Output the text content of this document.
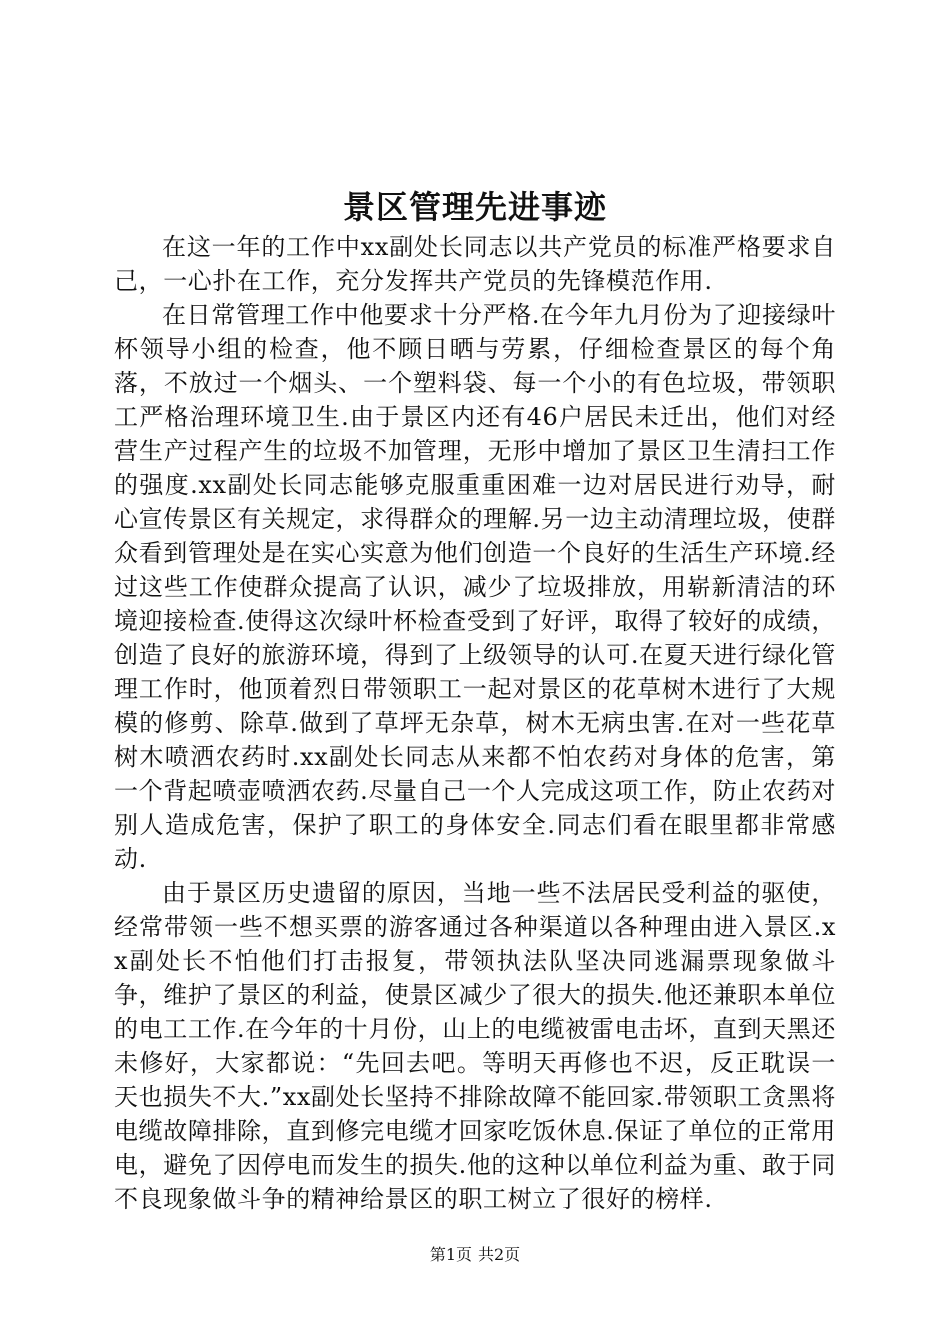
景区管理先进事迹

在这一年的工作中xx副处长同志以共产党员的标准严格要求自己，一心扑在工作，充分发挥共产党员的先锋模范作用.

在日常管理工作中他要求十分严格.在今年九月份为了迎接绿叶杯领导小组的检查，他不顾日晒与劳累，仔细检查景区的每个角落，不放过一个烟头、一个塑料袋、每一个小的有色垃圾，带领职工严格治理环境卫生.由于景区内还有46户居民未迁出，他们对经营生产过程产生的垃圾不加管理，无形中增加了景区卫生清扫工作的强度.xx副处长同志能够克服重重困难一边对居民进行劝导，耐心宣传景区有关规定，求得群众的理解.另一边主动清理垃圾，使群众看到管理处是在实心实意为他们创造一个良好的生活生产环境.经过这些工作使群众提高了认识，减少了垃圾排放，用崭新清洁的环境迎接检查.使得这次绿叶杯检查受到了好评，取得了较好的成绩，创造了良好的旅游环境，得到了上级领导的认可.在夏天进行绿化管理工作时，他顶着烈日带领职工一起对景区的花草树木进行了大规模的修剪、除草.做到了草坪无杂草，树木无病虫害.在对一些花草树木喷洒农药时.xx副处长同志从来都不怕农药对身体的危害，第一个背起喷壶喷洒农药.尽量自己一个人完成这项工作，防止农药对别人造成危害，保护了职工的身体安全.同志们看在眼里都非常感动.

由于景区历史遗留的原因，当地一些不法居民受利益的驱使，经常带领一些不想买票的游客通过各种渠道以各种理由进入景区.xx副处长不怕他们打击报复，带领执法队坚决同逃漏票现象做斗争，维护了景区的利益，使景区减少了很大的损失.他还兼职本单位的电工工作.在今年的十月份，山上的电缆被雷电击坏，直到天黑还未修好，大家都说：“先回去吧。等明天再修也不迟，反正耽误一天也损失不大.”xx副处长坚持不排除故障不能回家.带领职工贪黑将电缆故障排除，直到修完电缆才回家吃饭休息.保证了单位的正常用电，避免了因停电而发生的损失.他的这种以单位利益为重、敢于同不良现象做斗争的精神给景区的职工树立了很好的榜样.

第1页 共2页
